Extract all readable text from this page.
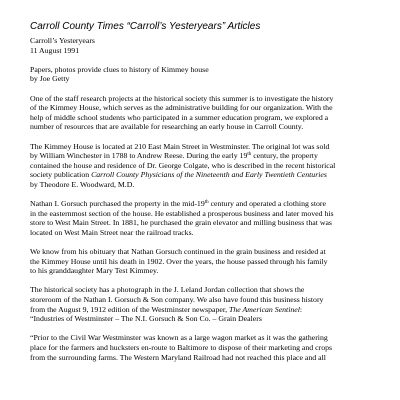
Carroll County Times “Carroll’s Yesteryears” Articles

Carroll’s Yesteryears
11 August 1991

Papers, photos provide clues to history of Kimmey house
by Joe Getty

One of the staff research projects at the historical society this summer is to investigate the history
of the Kimmey House, which serves as the administrative building for our organization. With the
help of middle school students who participated in a summer education program, we explored a
number of resources that are available for researching an early house in Carroll County.

The Kimmey House is located at 210 East Main Street in Westminster. The original lot was sold
by William Winchester in 1788 to Andrew Reese. During the early 19th century, the property
contained the house and residence of Dr. George Colgate, who is described in the recent historical
society publication Carroll County Physicians of the Nineteenth and Early Twentieth Centuries
by Theodore E. Woodward, M.D.

Nathan I. Gorsuch purchased the property in the mid-19th century and operated a clothing store
in the easternmost section of the house. He established a prosperous business and later moved his
store to West Main Street. In 1881, he purchased the grain elevator and milling business that was
located on West Main Street near the railroad tracks.

We know from his obituary that Nathan Gorsuch continued in the grain business and resided at
the Kimmey House until his death in 1902. Over the years, the house passed through his family
to his granddaughter Mary Test Kimmey.

The historical society has a photograph in the J. Leland Jordan collection that shows the
storeroom of the Nathan I. Gorsuch & Son company. We also have found this business history
from the August 9, 1912 edition of the Westminster newspaper, The American Sentinel:
“Industries of Westminster – The N.I. Gorsuch & Son Co. – Grain Dealers

“Prior to the Civil War Westminster was known as a large wagon market as it was the gathering
place for the farmers and hucksters en-route to Baltimore to dispose of their marketing and crops
from the surrounding farms. The Western Maryland Railroad had not reached this place and all
